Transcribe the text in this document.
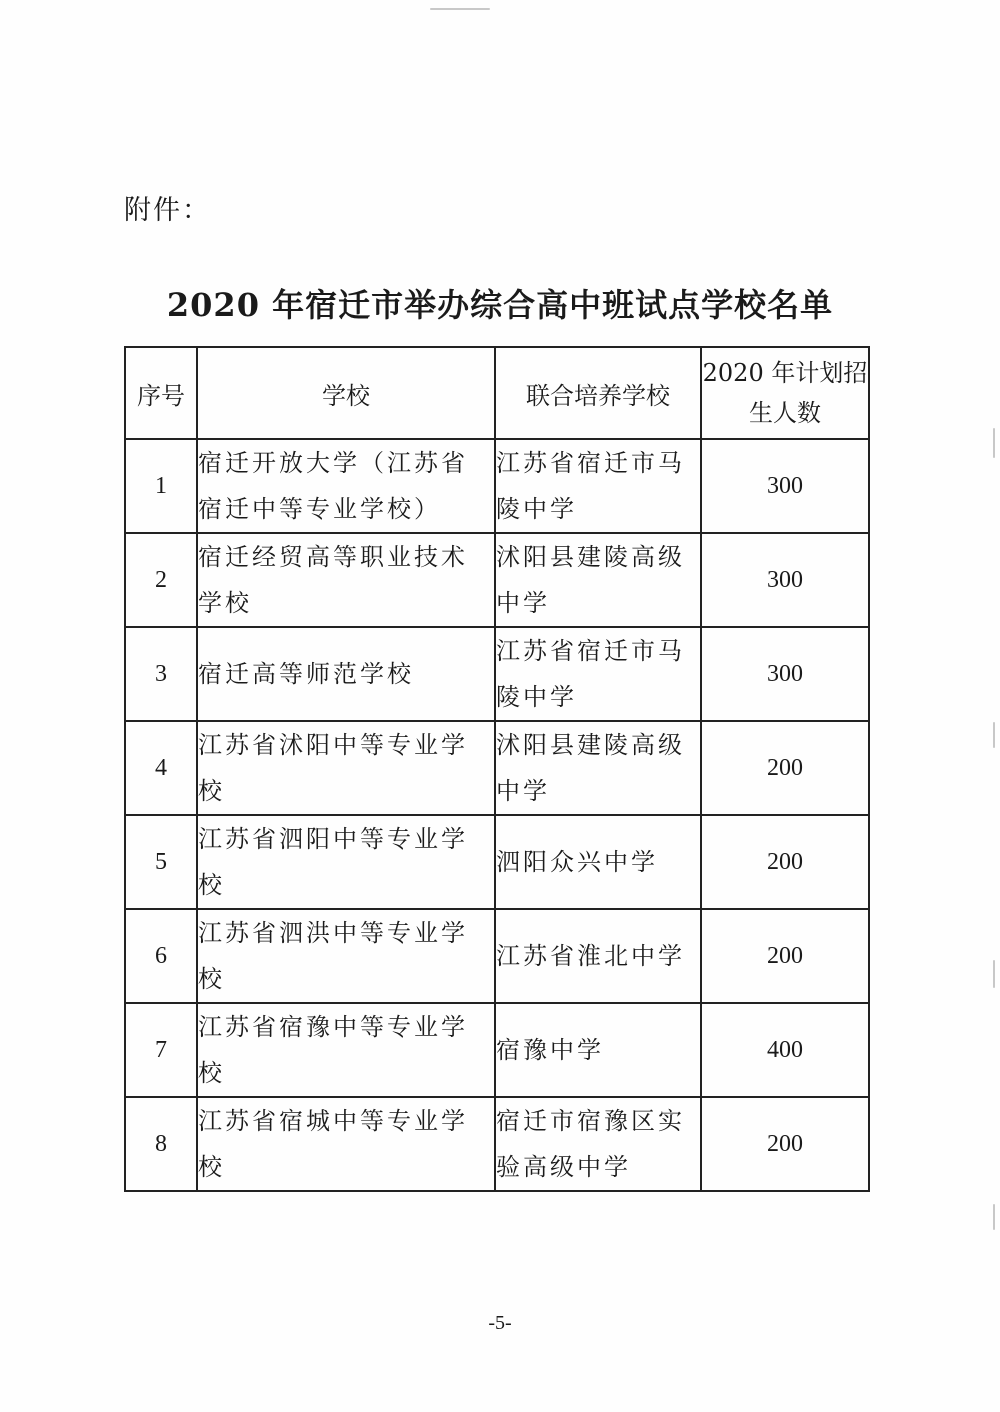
附件：
2020 年宿迁市举办综合高中班试点学校名单
序号	学校	联合培养学校	2020 年计划招生人数
1	宿迁开放大学（江苏省宿迁中等专业学校）	江苏省宿迁市马陵中学	300
2	宿迁经贸高等职业技术学校	沭阳县建陵高级中学	300
3	宿迁高等师范学校	江苏省宿迁市马陵中学	300
4	江苏省沭阳中等专业学校	沭阳县建陵高级中学	200
5	江苏省泗阳中等专业学校	泗阳众兴中学	200
6	江苏省泗洪中等专业学校	江苏省淮北中学	200
7	江苏省宿豫中等专业学校	宿豫中学	400
8	江苏省宿城中等专业学校	宿迁市宿豫区实验高级中学	200
-5-
